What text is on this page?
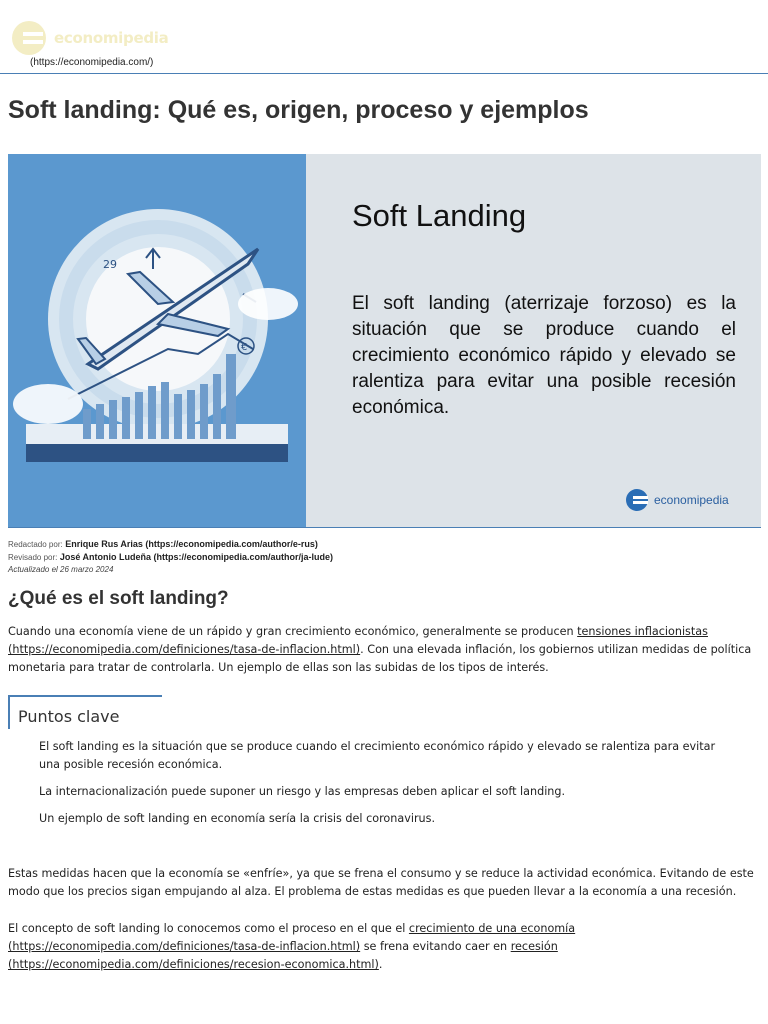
economipedia
(https://economipedia.com/)
Soft landing: Qué es, origen, proceso y ejemplos
29
€
Soft Landing
El soft landing (aterrizaje forzoso) es la situación que se produce cuando el crecimiento económico rápido y elevado se ralentiza para evitar una posible recesión económica.
economipedia
Redactado por: Enrique Rus Arias (https://economipedia.com/author/e-rus)
Revisado por: José Antonio Ludeña (https://economipedia.com/author/ja-lude)
Actualizado el 26 marzo 2024
¿Qué es el soft landing?

Cuando una economía viene de un rápido y gran crecimiento económico, generalmente se producen tensiones inflacionistas (https://economipedia.com/definiciones/tasa-de-inflacion.html). Con una elevada inflación, los gobiernos utilizan medidas de política monetaria para tratar de controlarla. Un ejemplo de ellas son las subidas de los tipos de interés.

Puntos clave
El soft landing es la situación que se produce cuando el crecimiento económico rápido y elevado se ralentiza para evitar una posible recesión económica.
La internacionalización puede suponer un riesgo y las empresas deben aplicar el soft landing.
Un ejemplo de soft landing en economía sería la crisis del coronavirus.

Estas medidas hacen que la economía se «enfríe», ya que se frena el consumo y se reduce la actividad económica. Evitando de este modo que los precios sigan empujando al alza. El problema de estas medidas es que pueden llevar a la economía a una recesión.

El concepto de soft landing lo conocemos como el proceso en el que el crecimiento de una economía (https://economipedia.com/definiciones/tasa-de-inflacion.html) se frena evitando caer en recesión (https://economipedia.com/definiciones/recesion-economica.html).
